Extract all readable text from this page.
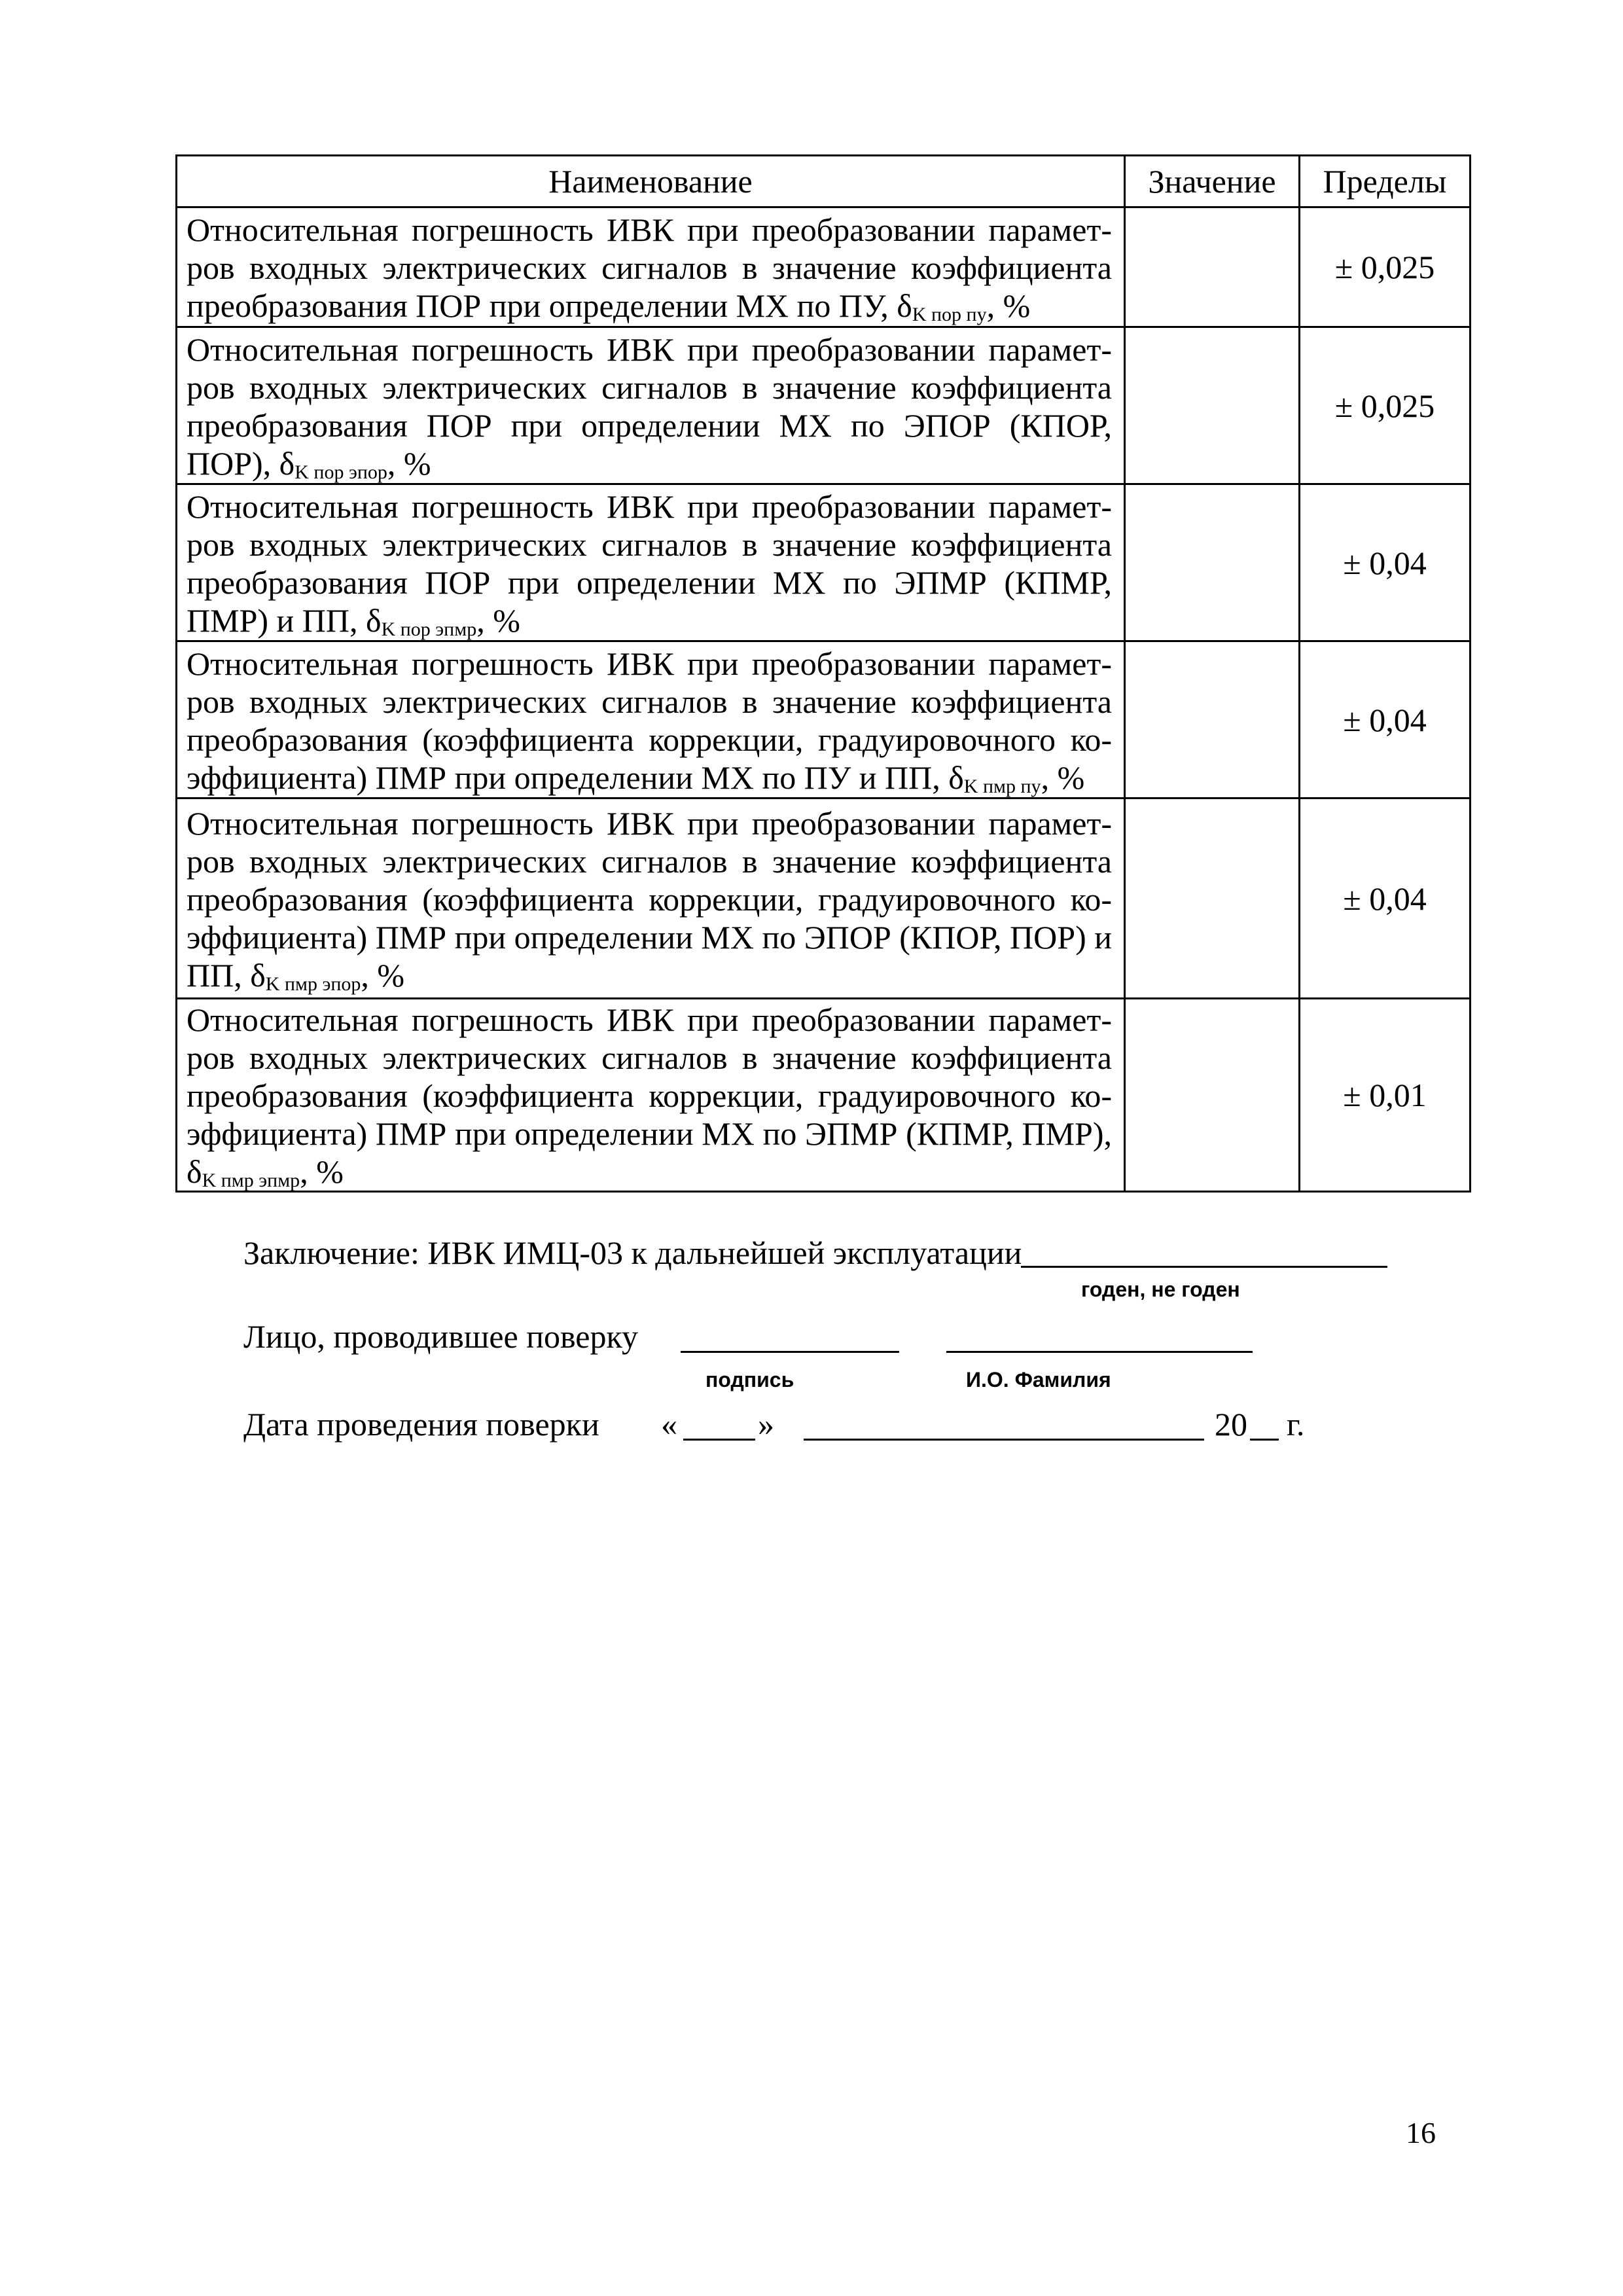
Наименование	Значение	Пределы
Относительная погрешность ИВК при преобразовании парамет-ров входных электрических сигналов в значение коэффициента преобразования ПОР при определении МХ по ПУ, $\delta_{K пор пу}$, %		± 0,025
Относительная погрешность ИВК при преобразовании парамет-ров входных электрических сигналов в значение коэффициента преобразования ПОР при определении МХ по ЭПОР (КПОР, ПОР), $\delta_{K пор эпор}$, %		± 0,025
Относительная погрешность ИВК при преобразовании парамет-ров входных электрических сигналов в значение коэффициента преобразования ПОР при определении МХ по ЭПМР (КПМР, ПМР) и ПП, $\delta_{K пор эпмр}$, %		± 0,04
Относительная погрешность ИВК при преобразовании парамет-ров входных электрических сигналов в значение коэффициента преобразования (коэффициента коррекции, градуировочного ко-эффициента) ПМР при определении МХ по ПУ и ПП, $\delta_{K пмр пу}$, %		± 0,04
Относительная погрешность ИВК при преобразовании парамет-ров входных электрических сигналов в значение коэффициента преобразования (коэффициента коррекции, градуировочного ко-эффициента) ПМР при определении МХ по ЭПОР (КПОР, ПОР) и ПП, $\delta_{K пмр эпор}$, %		± 0,04
Относительная погрешность ИВК при преобразовании парамет-ров входных электрических сигналов в значение коэффициента преобразования (коэффициента коррекции, градуировочного ко-эффициента) ПМР при определении МХ по ЭПМР (КПМР, ПМР), $\delta_{K пмр эпмр}$, %		± 0,01
Заключение: ИВК ИМЦ-03 к дальнейшей эксплуатации
годен, не годен
Лицо, проводившее поверку
подпись	И.О. Фамилия
Дата проведения поверки « »	20 г.
16
